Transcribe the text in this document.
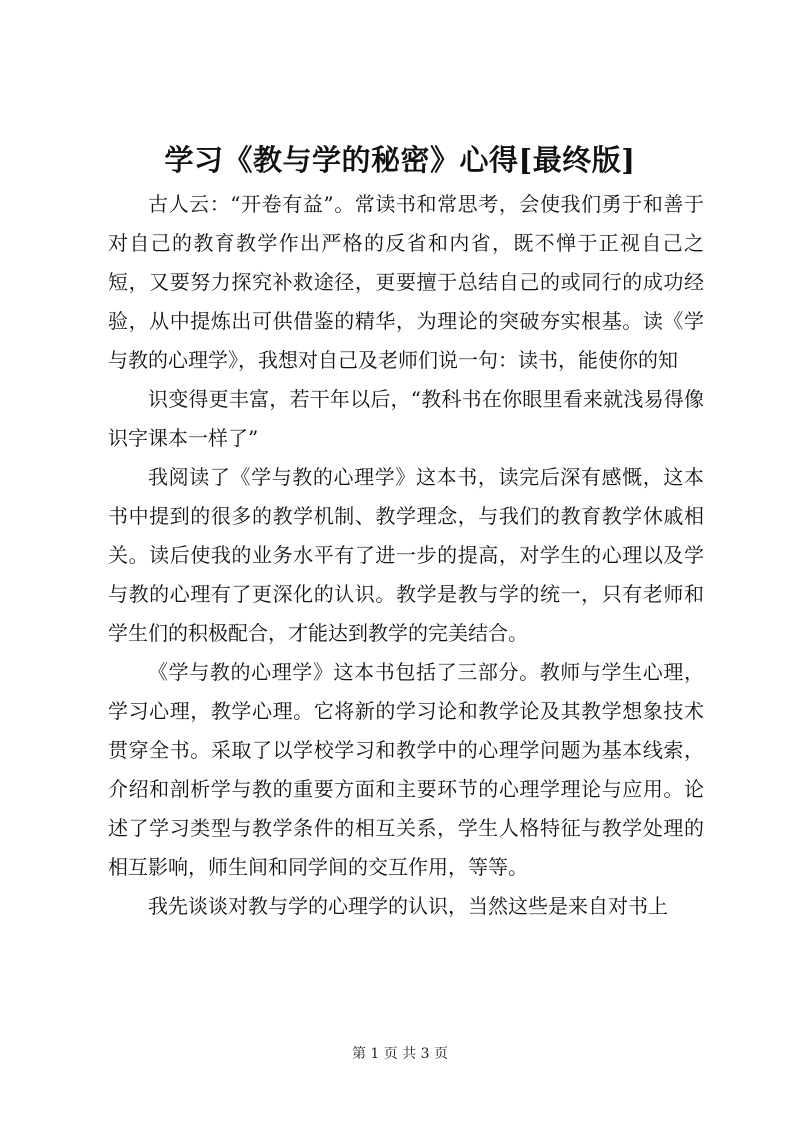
学习《教与学的秘密》心得[最终版]

古人云：“开卷有益”。常读书和常思考，会使我们勇于和善于对自己的教育教学作出严格的反省和内省，既不惮于正视自己之短，又要努力探究补救途径，更要擅于总结自己的或同行的成功经验，从中提炼出可供借鉴的精华，为理论的突破夯实根基。读《学与教的心理学》，我想对自己及老师们说一句：读书，能使你的知

识变得更丰富，若干年以后，“教科书在你眼里看来就浅易得像识字课本一样了”

我阅读了《学与教的心理学》这本书，读完后深有感慨，这本书中提到的很多的教学机制、教学理念，与我们的教育教学休戚相关。读后使我的业务水平有了进一步的提高，对学生的心理以及学与教的心理有了更深化的认识。教学是教与学的统一，只有老师和学生们的积极配合，才能达到教学的完美结合。

《学与教的心理学》这本书包括了三部分。教师与学生心理，学习心理，教学心理。它将新的学习论和教学论及其教学想象技术贯穿全书。采取了以学校学习和教学中的心理学问题为基本线索，介绍和剖析学与教的重要方面和主要环节的心理学理论与应用。论述了学习类型与教学条件的相互关系，学生人格特征与教学处理的相互影响，师生间和同学间的交互作用，等等。

我先谈谈对教与学的心理学的认识，当然这些是来自对书上

第 1 页 共 3 页
